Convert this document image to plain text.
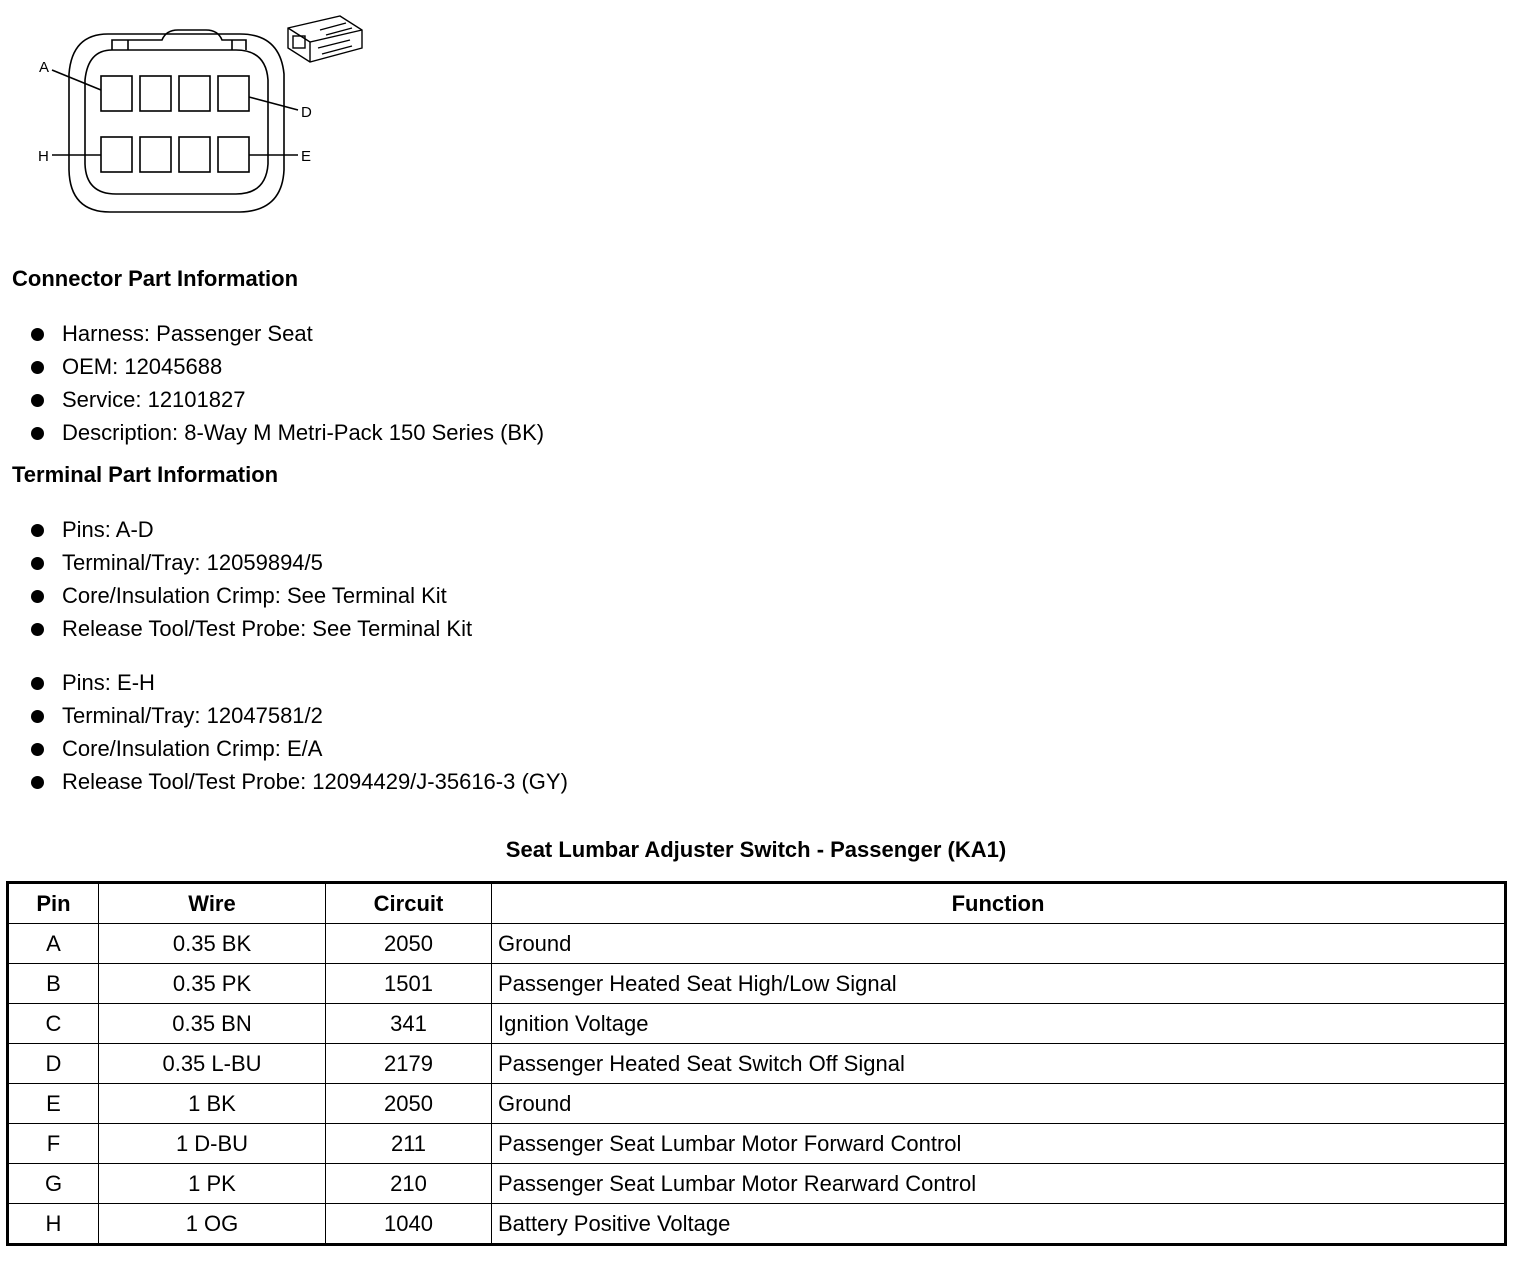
A
D
H	E
Connector Part Information
Harness: Passenger Seat
OEM: 12045688
Service: 12101827
Description: 8-Way M Metri-Pack 150 Series (BK)
Terminal Part Information
Pins: A-D
Terminal/Tray: 12059894/5
Core/Insulation Crimp: See Terminal Kit
Release Tool/Test Probe: See Terminal Kit
Pins: E-H
Terminal/Tray: 12047581/2
Core/Insulation Crimp: E/A
Release Tool/Test Probe: 12094429/J-35616-3 (GY)
Seat Lumbar Adjuster Switch - Passenger (KA1)
Pin	Wire	Circuit	Function
A	0.35 BK	2050	Ground
B	0.35 PK	1501	Passenger Heated Seat High/Low Signal
C	0.35 BN	341	Ignition Voltage
D	0.35 L-BU	2179	Passenger Heated Seat Switch Off Signal
E	1 BK	2050	Ground
F	1 D-BU	211	Passenger Seat Lumbar Motor Forward Control
G	1 PK	210	Passenger Seat Lumbar Motor Rearward Control
H	1 OG	1040	Battery Positive Voltage
